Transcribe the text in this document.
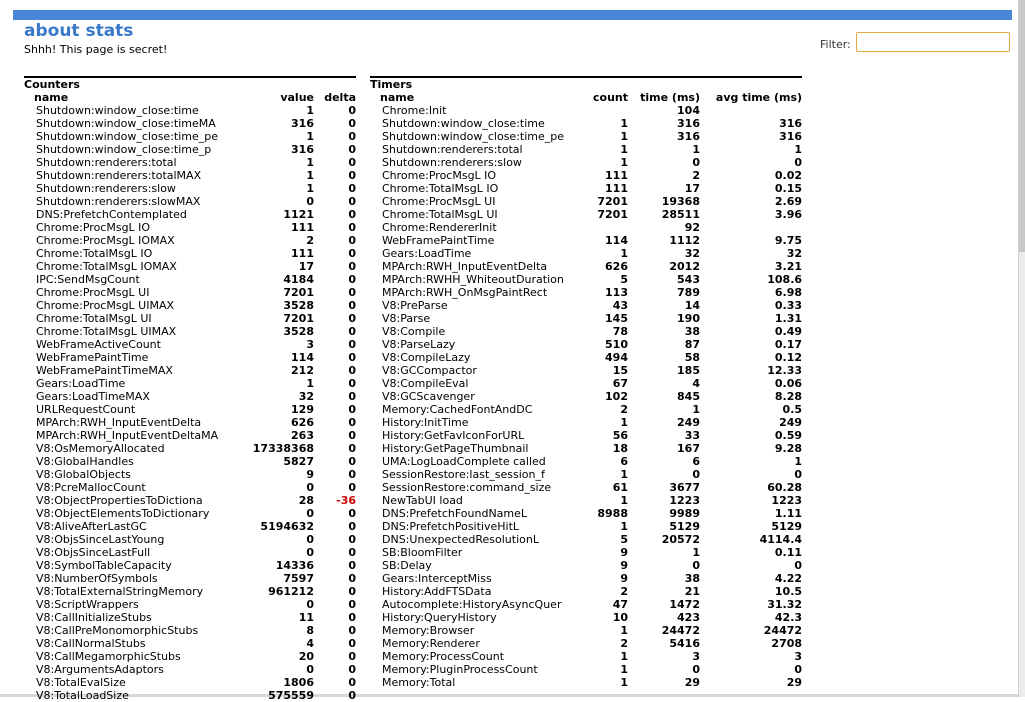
about stats
Shhh! This page is secret!	Filter:
Counters		
name	value	delta
Shutdown:window_close:time	1	0
Shutdown:window_close:timeMA	316	0
Shutdown:window_close:time_pe	1	0
Shutdown:window_close:time_p	316	0
Shutdown:renderers:total	1	0
Shutdown:renderers:totalMAX	1	0
Shutdown:renderers:slow	1	0
Shutdown:renderers:slowMAX	0	0
DNS:PrefetchContemplated	1121	0
Chrome:ProcMsgL IO	111	0
Chrome:ProcMsgL IOMAX	2	0
Chrome:TotalMsgL IO	111	0
Chrome:TotalMsgL IOMAX	17	0
IPC:SendMsgCount	4184	0
Chrome:ProcMsgL UI	7201	0
Chrome:ProcMsgL UIMAX	3528	0
Chrome:TotalMsgL UI	7201	0
Chrome:TotalMsgL UIMAX	3528	0
WebFrameActiveCount	3	0
WebFramePaintTime	114	0
WebFramePaintTimeMAX	212	0
Gears:LoadTime	1	0
Gears:LoadTimeMAX	32	0
URLRequestCount	129	0
MPArch:RWH_InputEventDelta	626	0
MPArch:RWH_InputEventDeltaMA	263	0
V8:OsMemoryAllocated	17338368	0
V8:GlobalHandles	5827	0
V8:GlobalObjects	9	0
V8:PcreMallocCount	0	0
V8:ObjectPropertiesToDictiona	28	-36
V8:ObjectElementsToDictionary	0	0
V8:AliveAfterLastGC	5194632	0
V8:ObjsSinceLastYoung	0	0
V8:ObjsSinceLastFull	0	0
V8:SymbolTableCapacity	14336	0
V8:NumberOfSymbols	7597	0
V8:TotalExternalStringMemory	961212	0
V8:ScriptWrappers	0	0
V8:CallInitializeStubs	11	0
V8:CallPreMonomorphicStubs	8	0
V8:CallNormalStubs	4	0
V8:CallMegamorphicStubs	20	0
V8:ArgumentsAdaptors	0	0
V8:TotalEvalSize	1806	0
V8:TotalLoadSize	575559	0
Timers			
name	count	time (ms)	avg time (ms)
Chrome:Init		104	
Shutdown:window_close:time	1	316	316
Shutdown:window_close:time_pe	1	316	316
Shutdown:renderers:total	1	1	1
Shutdown:renderers:slow	1	0	0
Chrome:ProcMsgL IO	111	2	0.02
Chrome:TotalMsgL IO	111	17	0.15
Chrome:ProcMsgL UI	7201	19368	2.69
Chrome:TotalMsgL UI	7201	28511	3.96
Chrome:RendererInit		92	
WebFramePaintTime	114	1112	9.75
Gears:LoadTime	1	32	32
MPArch:RWH_InputEventDelta	626	2012	3.21
MPArch:RWHH_WhiteoutDuration	5	543	108.6
MPArch:RWH_OnMsgPaintRect	113	789	6.98
V8:PreParse	43	14	0.33
V8:Parse	145	190	1.31
V8:Compile	78	38	0.49
V8:ParseLazy	510	87	0.17
V8:CompileLazy	494	58	0.12
V8:GCCompactor	15	185	12.33
V8:CompileEval	67	4	0.06
V8:GCScavenger	102	845	8.28
Memory:CachedFontAndDC	2	1	0.5
History:InitTime	1	249	249
History:GetFavIconForURL	56	33	0.59
History:GetPageThumbnail	18	167	9.28
UMA:LogLoadComplete called	6	6	1
SessionRestore:last_session_f	1	0	0
SessionRestore:command_size	61	3677	60.28
NewTabUI load	1	1223	1223
DNS:PrefetchFoundNameL	8988	9989	1.11
DNS:PrefetchPositiveHitL	1	5129	5129
DNS:UnexpectedResolutionL	5	20572	4114.4
SB:BloomFilter	9	1	0.11
SB:Delay	9	0	0
Gears:InterceptMiss	9	38	4.22
History:AddFTSData	2	21	10.5
Autocomplete:HistoryAsyncQuer	47	1472	31.32
History:QueryHistory	10	423	42.3
Memory:Browser	1	24472	24472
Memory:Renderer	2	5416	2708
Memory:ProcessCount	1	3	3
Memory:PluginProcessCount	1	0	0
Memory:Total	1	29	29
